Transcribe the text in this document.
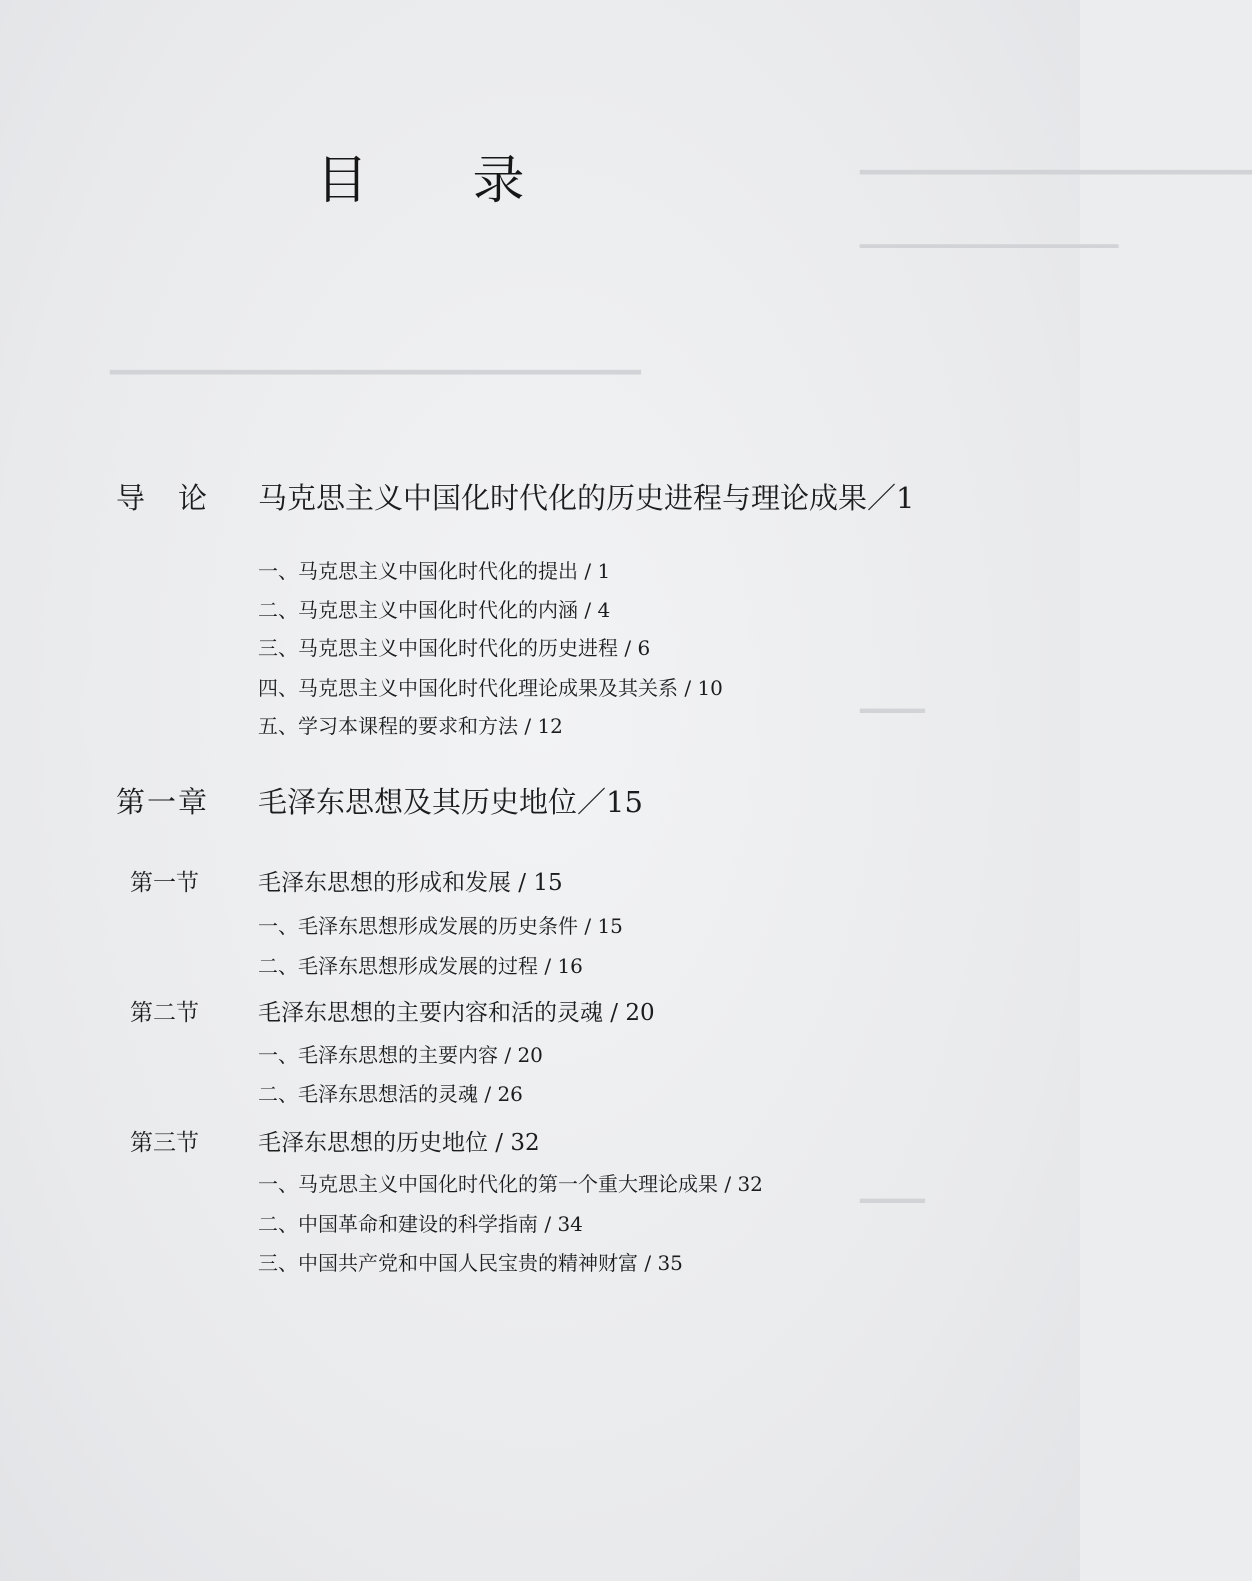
▁▁▁▁▁▁▁▁▁▁▁▁▁▁▁▁▁
▁▁▁▁▁▁▁▁▁▁▁▁▁▁
▁▁▁▁▁▁▁▁▁▁▁▁▁▁▁▁▁▁▁▁▁▁▁
▁▁▁
▁▁▁
目 录
导　论 马克思主义中国化时代化的历史进程与理论成果／1
一、马克思主义中国化时代化的提出 / 1
二、马克思主义中国化时代化的内涵 / 4
三、马克思主义中国化时代化的历史进程 / 6
四、马克思主义中国化时代化理论成果及其关系 / 10
五、学习本课程的要求和方法 / 12
第一章 毛泽东思想及其历史地位／15
第一节	毛泽东思想的形成和发展 / 15
一、毛泽东思想形成发展的历史条件 / 15
二、毛泽东思想形成发展的过程 / 16
第二节	毛泽东思想的主要内容和活的灵魂 / 20
一、毛泽东思想的主要内容 / 20
二、毛泽东思想活的灵魂 / 26
第三节	毛泽东思想的历史地位 / 32
一、马克思主义中国化时代化的第一个重大理论成果 / 32
二、中国革命和建设的科学指南 / 34
三、中国共产党和中国人民宝贵的精神财富 / 35
